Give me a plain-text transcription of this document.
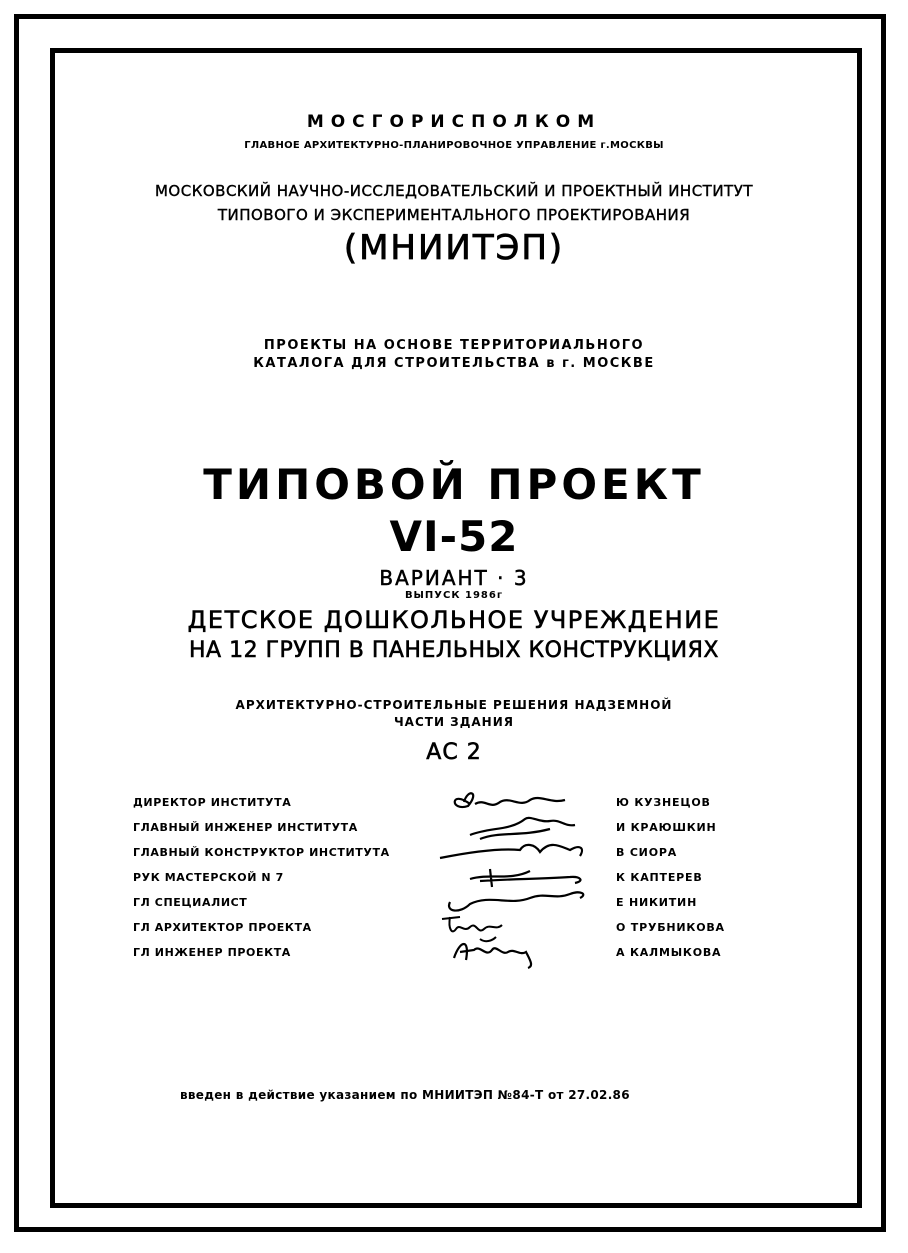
МОСГОРИСПОЛКОМ
ГЛАВНОЕ АРХИТЕКТУРНО-ПЛАНИРОВОЧНОЕ УПРАВЛЕНИЕ г.МОСКВЫ
МОСКОВСКИЙ НАУЧНО-ИССЛЕДОВАТЕЛЬСКИЙ И ПРОЕКТНЫЙ ИНСТИТУТ
ТИПОВОГО И ЭКСПЕРИМЕНТАЛЬНОГО ПРОЕКТИРОВАНИЯ
(МНИИТЭП)
ПРОЕКТЫ НА ОСНОВЕ ТЕРРИТОРИАЛЬНОГО
КАТАЛОГА ДЛЯ СТРОИТЕЛЬСТВА в г. МОСКВЕ
ТИПОВОЙ ПРОЕКТ
VI-52
ВАРИАНТ · 3
ВЫПУСК 1986г
ДЕТСКОЕ ДОШКОЛЬНОЕ УЧРЕЖДЕНИЕ
НА 12 ГРУПП В ПАНЕЛЬНЫХ КОНСТРУКЦИЯХ
АРХИТЕКТУРНО-СТРОИТЕЛЬНЫЕ РЕШЕНИЯ НАДЗЕМНОЙ
ЧАСТИ ЗДАНИЯ
АС 2
ДИРЕКТОР ИНСТИТУТА	Ю КУЗНЕЦОВ
ГЛАВНЫЙ ИНЖЕНЕР ИНСТИТУТА	И КРАЮШКИН
ГЛАВНЫЙ КОНСТРУКТОР ИНСТИТУТА	В СИОРА
РУК МАСТЕРСКОЙ N 7	К КАПТЕРЕВ
ГЛ СПЕЦИАЛИСТ	Е НИКИТИН
ГЛ АРХИТЕКТОР ПРОЕКТА	О ТРУБНИКОВА
ГЛ ИНЖЕНЕР ПРОЕКТА	А КАЛМЫКОВА
введен в действие указанием по МНИИТЭП №84-Т от 27.02.86
